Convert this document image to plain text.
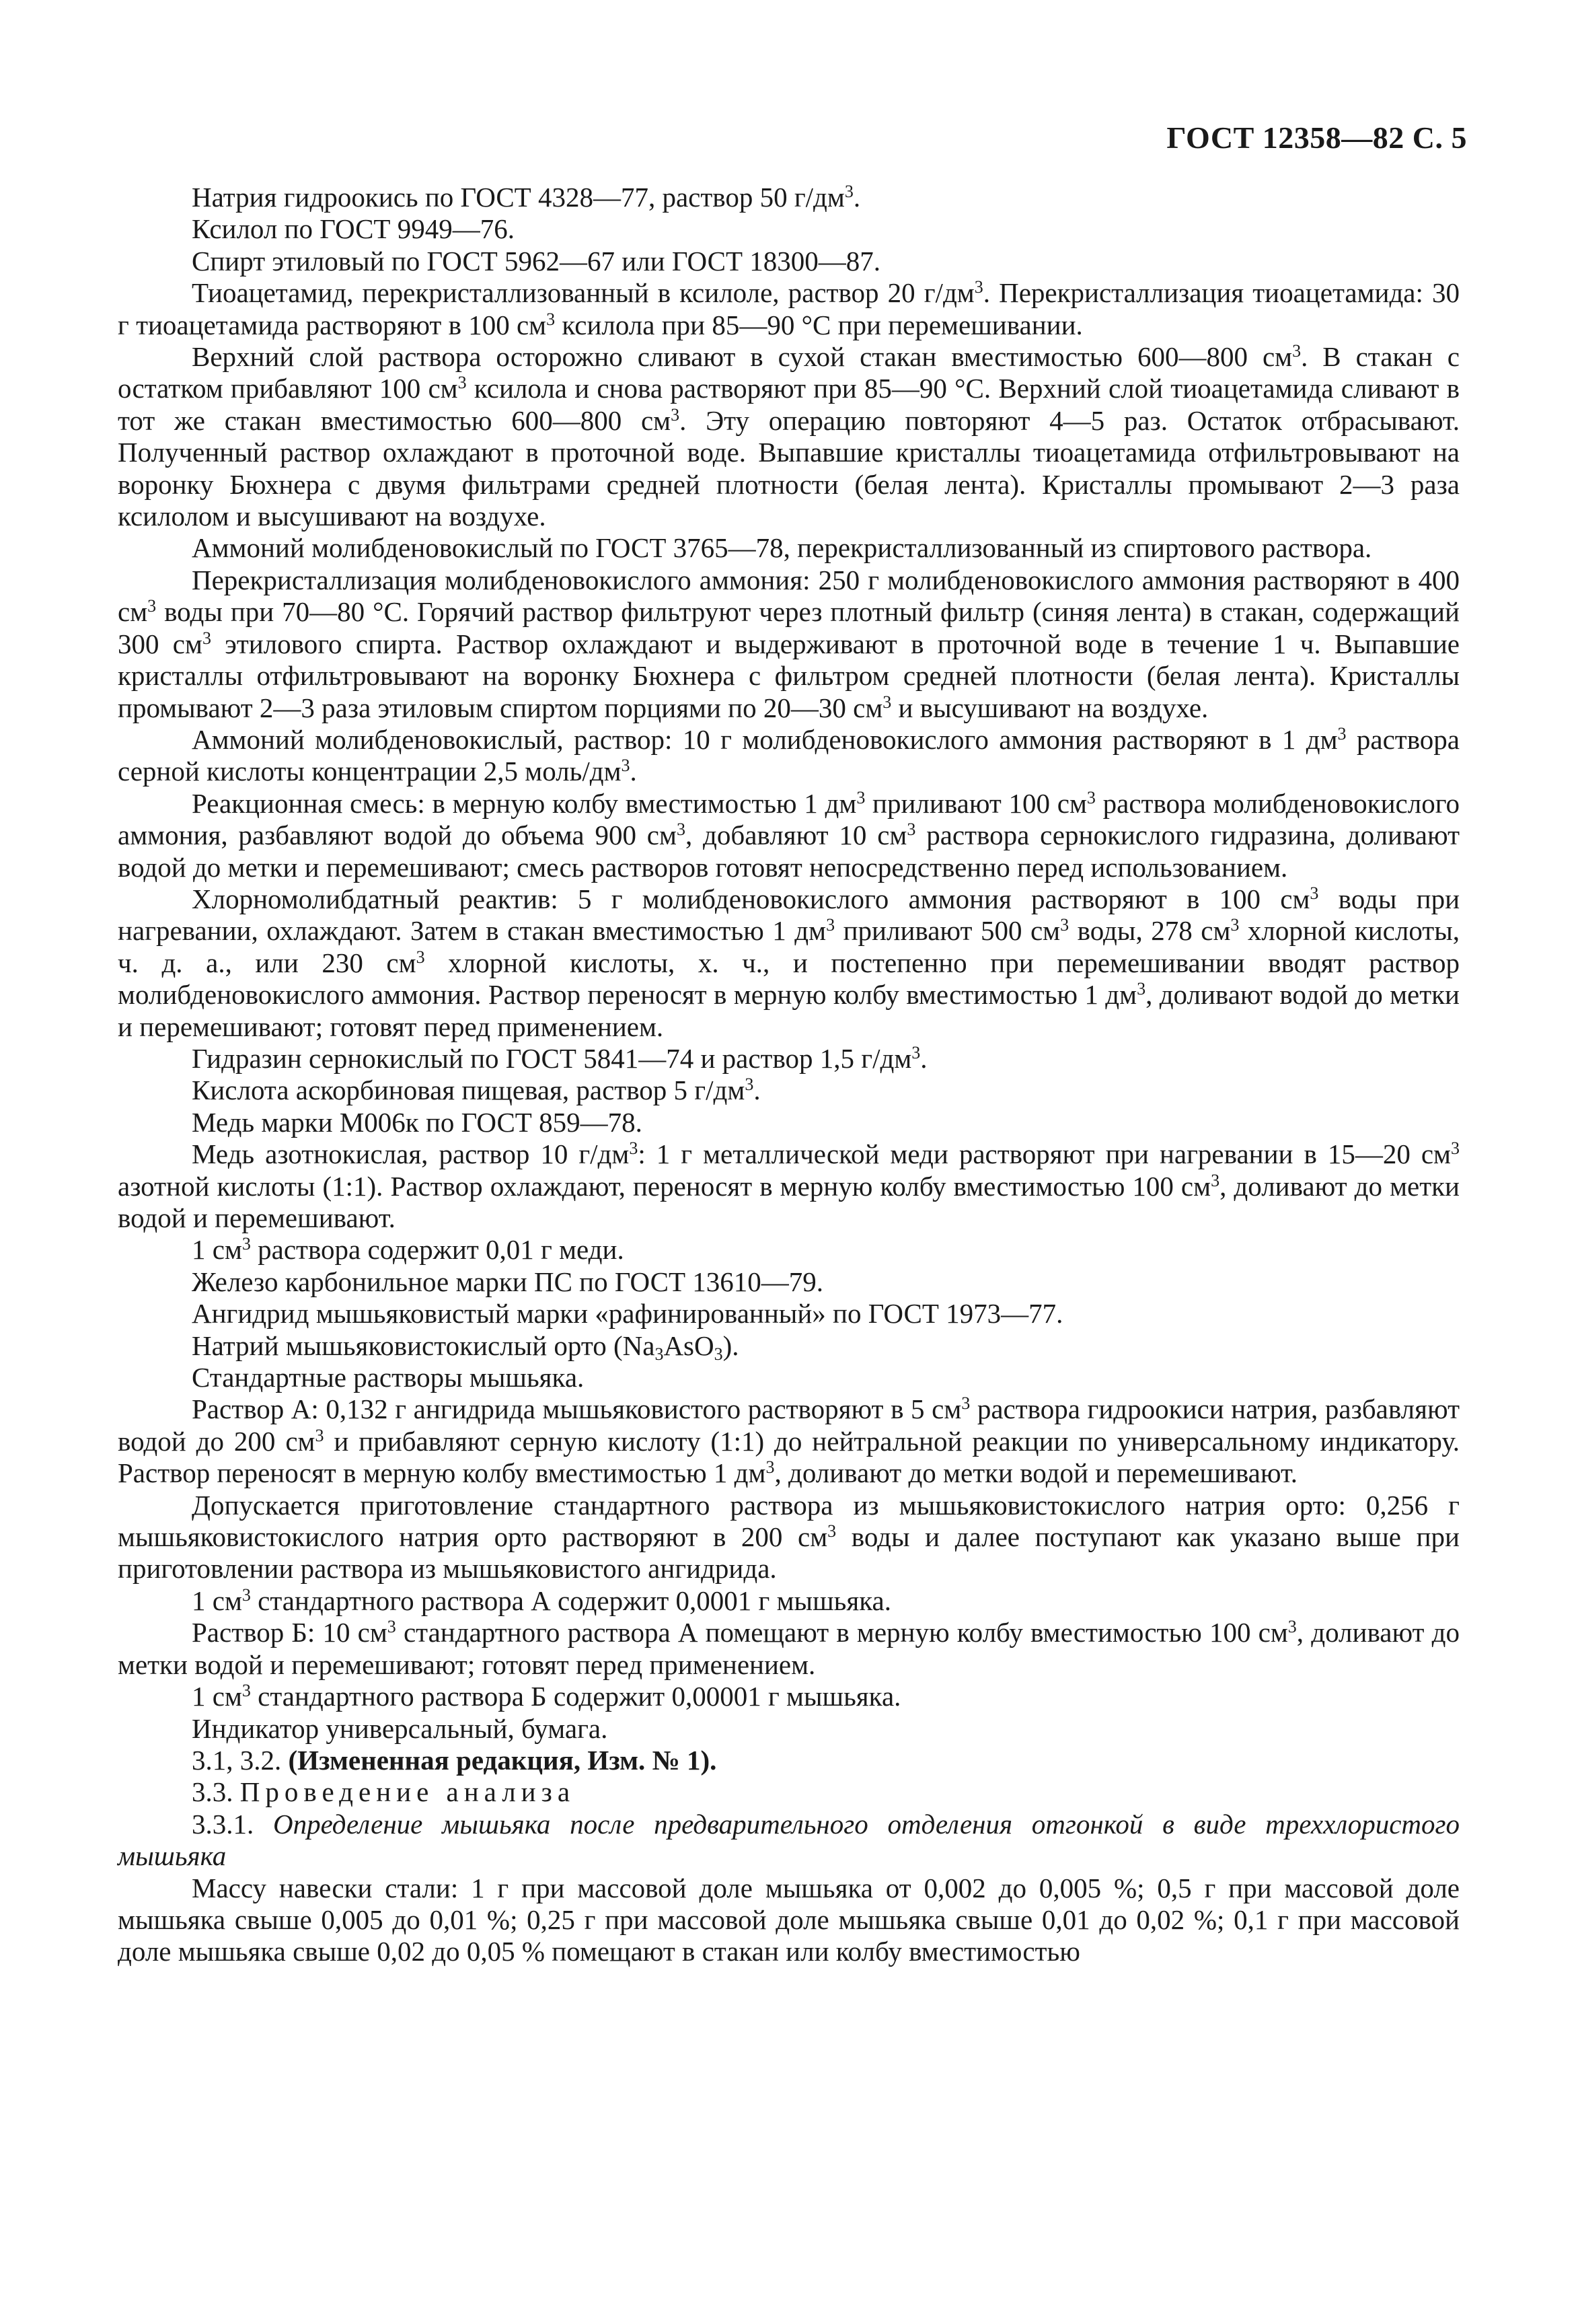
ГОСТ 12358—82 С. 5

Натрия гидроокись по ГОСТ 4328—77, раствор 50 $г/дм^3$.

Ксилол по ГОСТ 9949—76.

Спирт этиловый по ГОСТ 5962—67 или ГОСТ 18300—87.

Тиоацетамид, перекристаллизованный в ксилоле, раствор 20 $г/дм^3$. Перекристаллизация тиоацетамида: 30 г тиоацетамида растворяют в 100 $см^3$ ксилола при 85—90 °С при перемешивании.

Верхний слой раствора осторожно сливают в сухой стакан вместимостью 600—800 $см^3$. В стакан с остатком прибавляют 100 $см^3$ ксилола и снова растворяют при 85—90 °С. Верхний слой тиоацетамида сливают в тот же стакан вместимостью 600—800 $см^3$. Эту операцию повторяют 4—5 раз. Остаток отбрасывают. Полученный раствор охлаждают в проточной воде. Выпавшие кристаллы тиоацетамида отфильтровывают на воронку Бюхнера с двумя фильтрами средней плотности (белая лента). Кристаллы промывают 2—3 раза ксилолом и высушивают на воздухе.

Аммоний молибденовокислый по ГОСТ 3765—78, перекристаллизованный из спиртового раствора.

Перекристаллизация молибденовокислого аммония: 250 г молибденовокислого аммония растворяют в 400 $см^3$ воды при 70—80 °С. Горячий раствор фильтруют через плотный фильтр (синяя лента) в стакан, содержащий 300 $см^3$ этилового спирта. Раствор охлаждают и выдерживают в проточной воде в течение 1 ч. Выпавшие кристаллы отфильтровывают на воронку Бюхнера с фильтром средней плотности (белая лента). Кристаллы промывают 2—3 раза этиловым спиртом порциями по 20—30 $см^3$ и высушивают на воздухе.

Аммоний молибденовокислый, раствор: 10 г молибденовокислого аммония растворяют в 1 $дм^3$ раствора серной кислоты концентрации 2,5 моль/$дм^3$.

Реакционная смесь: в мерную колбу вместимостью 1 $дм^3$ приливают 100 $см^3$ раствора молибденовокислого аммония, разбавляют водой до объема 900 $см^3$, добавляют 10 $см^3$ раствора сернокислого гидразина, доливают водой до метки и перемешивают; смесь растворов готовят непосредственно перед использованием.

Хлорномолибдатный реактив: 5 г молибденовокислого аммония растворяют в 100 $см^3$ воды при нагревании, охлаждают. Затем в стакан вместимостью 1 $дм^3$ приливают 500 $см^3$ воды, 278 $см^3$ хлорной кислоты, ч. д. а., или 230 $см^3$ хлорной кислоты, х. ч., и постепенно при перемешивании вводят раствор молибденовокислого аммония. Раствор переносят в мерную колбу вместимостью 1 $дм^3$, доливают водой до метки и перемешивают; готовят перед применением.

Гидразин сернокислый по ГОСТ 5841—74 и раствор 1,5 $г/дм^3$.

Кислота аскорбиновая пищевая, раствор 5 $г/дм^3$.

Медь марки М006к по ГОСТ 859—78.

Медь азотнокислая, раствор 10 $г/дм^3$: 1 г металлической меди растворяют при нагревании в 15—20 $см^3$ азотной кислоты (1:1). Раствор охлаждают, переносят в мерную колбу вместимостью 100 $см^3$, доливают до метки водой и перемешивают.

1 $см^3$ раствора содержит 0,01 г меди.

Железо карбонильное марки ПС по ГОСТ 13610—79.

Ангидрид мышьяковистый марки «рафинированный» по ГОСТ 1973—77.

Натрий мышьяковистокислый орто $(Na_3AsO_3)$.

Стандартные растворы мышьяка.

Раствор А: 0,132 г ангидрида мышьяковистого растворяют в 5 $см^3$ раствора гидроокиси натрия, разбавляют водой до 200 $см^3$ и прибавляют серную кислоту (1:1) до нейтральной реакции по универсальному индикатору. Раствор переносят в мерную колбу вместимостью 1 $дм^3$, доливают до метки водой и перемешивают.

Допускается приготовление стандартного раствора из мышьяковистокислого натрия орто: 0,256 г мышьяковистокислого натрия орто растворяют в 200 $см^3$ воды и далее поступают как указано выше при приготовлении раствора из мышьяковистого ангидрида.

1 $см^3$ стандартного раствора А содержит 0,0001 г мышьяка.

Раствор Б: 10 $см^3$ стандартного раствора А помещают в мерную колбу вместимостью 100 $см^3$, доливают до метки водой и перемешивают; готовят перед применением.

1 $см^3$ стандартного раствора Б содержит 0,00001 г мышьяка.

Индикатор универсальный, бумага.

3.1, 3.2. (Измененная редакция, Изм. № 1).

3.3. Проведение анализа

3.3.1. Определение мышьяка после предварительного отделения отгонкой в виде треххлористого мышьяка

Массу навески стали: 1 г при массовой доле мышьяка от 0,002 до 0,005 %; 0,5 г при массовой доле мышьяка свыше 0,005 до 0,01 %; 0,25 г при массовой доле мышьяка свыше 0,01 до 0,02 %; 0,1 г при массовой доле мышьяка свыше 0,02 до 0,05 % помещают в стакан или колбу вместимостью
